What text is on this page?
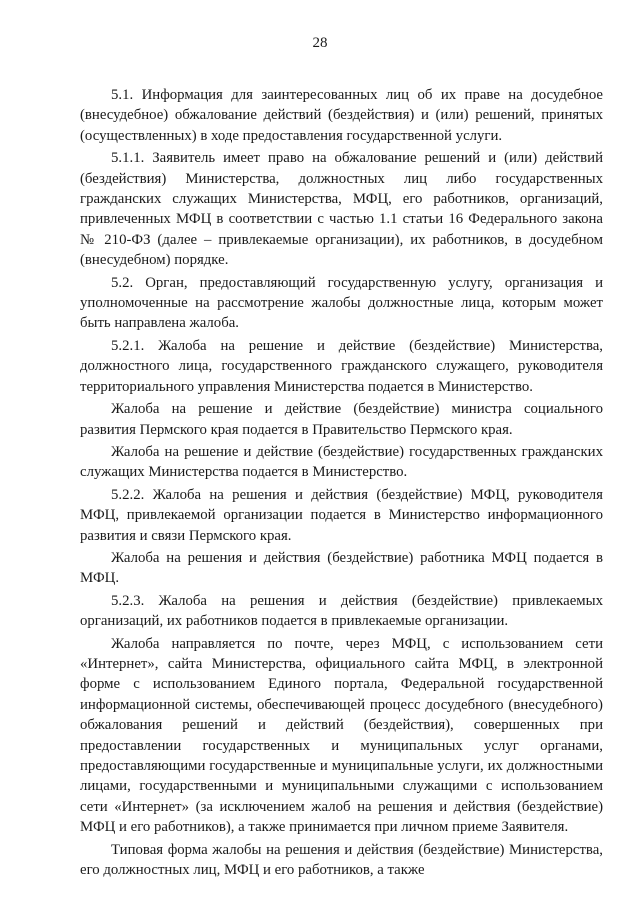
28

5.1. Информация для заинтересованных лиц об их праве на досудебное (внесудебное) обжалование действий (бездействия) и (или) решений, принятых (осуществленных) в ходе предоставления государственной услуги.

5.1.1. Заявитель имеет право на обжалование решений и (или) действий (бездействия) Министерства, должностных лиц либо государственных гражданских служащих Министерства, МФЦ, его работников, организаций, привлеченных МФЦ в соответствии с частью 1.1 статьи 16 Федерального закона № 210-ФЗ (далее – привлекаемые организации), их работников, в досудебном (внесудебном) порядке.

5.2. Орган, предоставляющий государственную услугу, организация и уполномоченные на рассмотрение жалобы должностные лица, которым может быть направлена жалоба.

5.2.1. Жалоба на решение и действие (бездействие) Министерства, должностного лица, государственного гражданского служащего, руководителя территориального управления Министерства подается в Министерство.

Жалоба на решение и действие (бездействие) министра социального развития Пермского края подается в Правительство Пермского края.

Жалоба на решение и действие (бездействие) государственных гражданских служащих Министерства подается в Министерство.

5.2.2. Жалоба на решения и действия (бездействие) МФЦ, руководителя МФЦ, привлекаемой организации подается в Министерство информационного развития и связи Пермского края.

Жалоба на решения и действия (бездействие) работника МФЦ подается в МФЦ.

5.2.3. Жалоба на решения и действия (бездействие) привлекаемых организаций, их работников подается в привлекаемые организации.

Жалоба направляется по почте, через МФЦ, с использованием сети «Интернет», сайта Министерства, официального сайта МФЦ, в электронной форме с использованием Единого портала, Федеральной государственной информационной системы, обеспечивающей процесс досудебного (внесудебного) обжалования решений и действий (бездействия), совершенных при предоставлении государственных и муниципальных услуг органами, предоставляющими государственные и муниципальные услуги, их должностными лицами, государственными и муниципальными служащими с использованием сети «Интернет» (за исключением жалоб на решения и действия (бездействие) МФЦ и его работников), а также принимается при личном приеме Заявителя.

Типовая форма жалобы на решения и действия (бездействие) Министерства, его должностных лиц, МФЦ и его работников, а также
